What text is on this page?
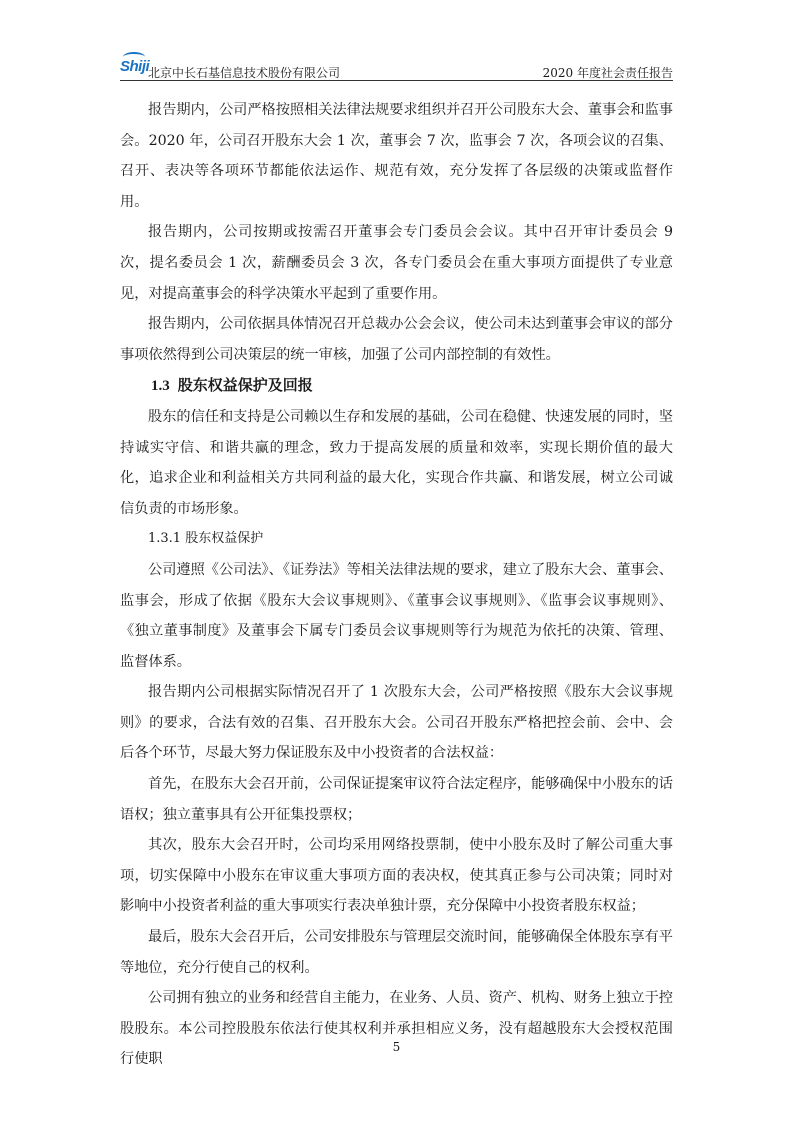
Shiji
北京中长石基信息技术股份有限公司	2020 年度社会责任报告

报告期内，公司严格按照相关法律法规要求组织并召开公司股东大会、董事会和监事会。2020 年，公司召开股东大会 1 次，董事会 7 次，监事会 7 次，各项会议的召集、召开、表决等各项环节都能依法运作、规范有效，充分发挥了各层级的决策或监督作用。

报告期内，公司按期或按需召开董事会专门委员会会议。其中召开审计委员会 9 次，提名委员会 1 次，薪酬委员会 3 次，各专门委员会在重大事项方面提供了专业意见，对提高董事会的科学决策水平起到了重要作用。

报告期内，公司依据具体情况召开总裁办公会会议，使公司未达到董事会审议的部分事项依然得到公司决策层的统一审核，加强了公司内部控制的有效性。

1.3 股东权益保护及回报

股东的信任和支持是公司赖以生存和发展的基础，公司在稳健、快速发展的同时，坚持诚实守信、和谐共赢的理念，致力于提高发展的质量和效率，实现长期价值的最大化，追求企业和利益相关方共同利益的最大化，实现合作共赢、和谐发展，树立公司诚信负责的市场形象。

1.3.1 股东权益保护

公司遵照《公司法》、《证券法》等相关法律法规的要求，建立了股东大会、董事会、监事会，形成了依据《股东大会议事规则》、《董事会议事规则》、《监事会议事规则》、《独立董事制度》及董事会下属专门委员会议事规则等行为规范为依托的决策、管理、监督体系。

报告期内公司根据实际情况召开了 1 次股东大会，公司严格按照《股东大会议事规则》的要求，合法有效的召集、召开股东大会。公司召开股东严格把控会前、会中、会后各个环节，尽最大努力保证股东及中小投资者的合法权益：

首先，在股东大会召开前，公司保证提案审议符合法定程序，能够确保中小股东的话语权；独立董事具有公开征集投票权；

其次，股东大会召开时，公司均采用网络投票制，使中小股东及时了解公司重大事项，切实保障中小股东在审议重大事项方面的表决权，使其真正参与公司决策；同时对影响中小投资者利益的重大事项实行表决单独计票，充分保障中小投资者股东权益；

最后，股东大会召开后，公司安排股东与管理层交流时间，能够确保全体股东享有平等地位，充分行使自己的权利。

公司拥有独立的业务和经营自主能力，在业务、人员、资产、机构、财务上独立于控股股东。本公司控股股东依法行使其权利并承担相应义务，没有超越股东大会授权范围行使职

5
